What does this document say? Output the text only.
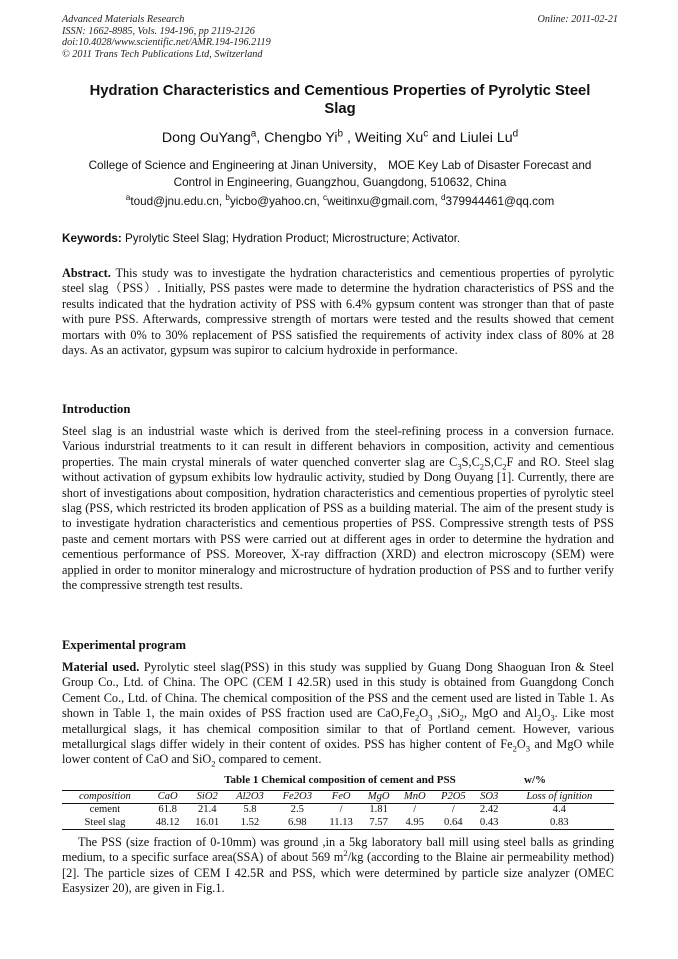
Advanced Materials Research
ISSN: 1662-8985, Vols. 194-196, pp 2119-2126
doi:10.4028/www.scientific.net/AMR.194-196.2119
© 2011 Trans Tech Publications Ltd, Switzerland
Online: 2011-02-21
Hydration Characteristics and Cementious Properties of Pyrolytic Steel
Slag
Dong OuYang$^a$, Chengbo Yi$^b$ , Weiting Xu$^c$ and Liulei Lu$^d$
College of Science and Engineering at Jinan University， MOE Key Lab of Disaster Forecast and
Control in Engineering, Guangzhou, Guangdong, 510632, China
$^a$toud@jnu.edu.cn, $^b$yicbo@yahoo.cn, $^c$weitinxu@gmail.com, $^d$379944461@qq.com
Keywords: Pyrolytic Steel Slag; Hydration Product; Microstructure; Activator.
Abstract. This study was to investigate the hydration characteristics and cementious properties of pyrolytic steel slag（PSS）. Initially, PSS pastes were made to determine the hydration characteristics of PSS and the results indicated that the hydration activity of PSS with 6.4% gypsum content was stronger than that of paste with pure PSS. Afterwards, compressive strength of mortars were tested and the results showed that cement mortars with 0% to 30% replacement of PSS satisfied the requirements of activity index class of 80% at 28 days. As an activator, gypsum was supiror to calcium hydroxide in performance.
Introduction
Steel slag is an industrial waste which is derived from the steel-refining process in a conversion furnace. Various indurstrial treatments to it can result in different behaviors in composition, activity and cementious properties. The main crystal minerals of water quenched converter slag are $C_3S,C_2S,C_2F$ and RO. Steel slag without activation of gypsum exhibits low hydraulic activity, studied by Dong Ouyang [1]. Currently, there are short of investigations about composition, hydration characteristics and cementious properties of pyrolytic steel slag (PSS, which restricted its broden application of PSS as a building material. The aim of the present study is to investigate hydration characteristics and cementious properties of PSS. Compressive strength tests of PSS paste and cement mortars with PSS were carried out at different ages in order to determine the hydration and cementious performance of PSS. Moreover, X-ray diffraction (XRD) and electron microscopy (SEM) were applied in order to monitor mineralogy and microstructure of hydration production of PSS and to further verify the compressive strength test results.
Experimental program
Material used. Pyrolytic steel slag(PSS) in this study was supplied by Guang Dong Shaoguan Iron & Steel Group Co., Ltd. of China. The OPC (CEM I 42.5R) used in this study is obtained from Guangdong Conch Cement Co., Ltd. of China. The chemical composition of the PSS and the cement used are listed in Table 1. As shown in Table 1, the main oxides of PSS fraction used are $CaO,Fe_2O_3$ ,SiO$_2$, MgO and $Al_2O_3$. Like most metallurgical slags, it has chemical composition similar to that of Portland cement. However, various metallurgical slags differ widely in their content of oxides. PSS has higher content of $Fe_2O_3$ and MgO while lower content of CaO and SiO$_2$ compared to cement.
Table 1 Chemical composition of cement and PSS	w/%
composition	CaO	SiO2	Al2O3	Fe2O3	FeO	MgO	MnO	P2O5	SO3	Loss of ignition
cement	61.8	21.4	5.8	2.5	/	1.81	/	/	2.42	4.4
Steel slag	48.12	16.01	1.52	6.98	11.13	7.57	4.95	0.64	0.43	0.83
The PSS (size fraction of 0-10mm) was ground ,in a 5kg laboratory ball mill using steel balls as grinding medium, to a specific surface area(SSA) of about 569 $m^2/kg$ (according to the Blaine air permeability method) [2]. The particle sizes of CEM I 42.5R and PSS, which were determined by particle size analyzer (OMEC Easysizer 20), are given in Fig.1.
